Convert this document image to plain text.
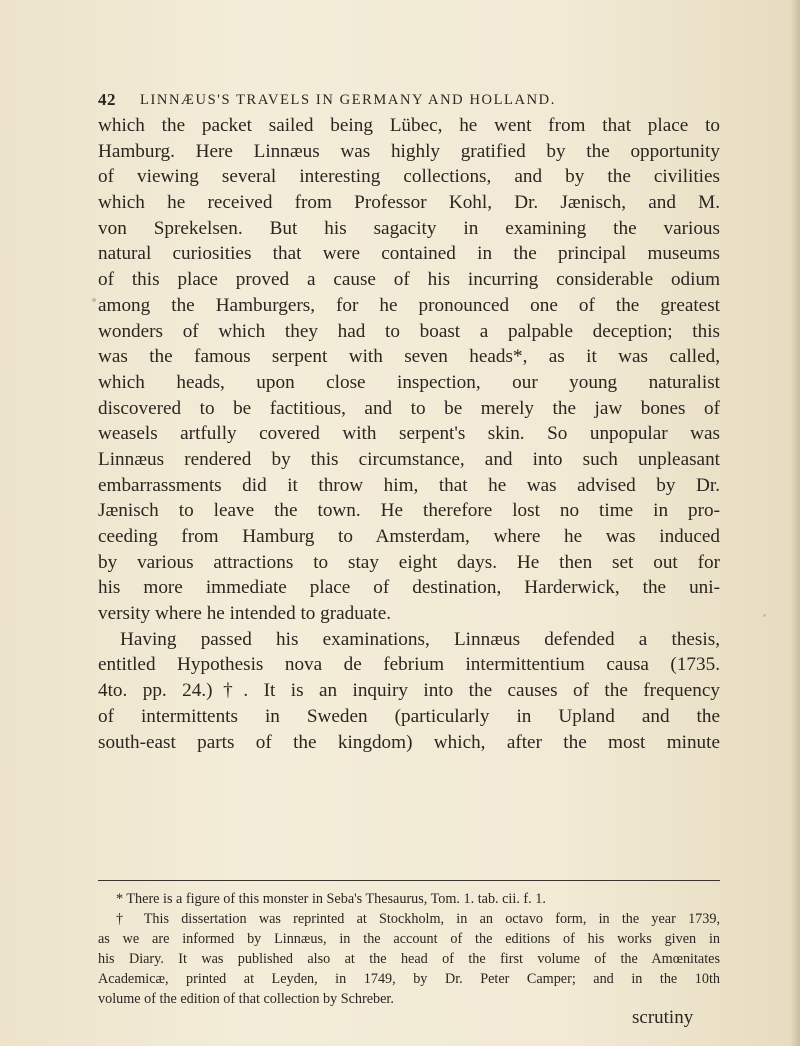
42 LINNÆUS'S TRAVELS IN GERMANY AND HOLLAND.
which the packet sailed being Lübec, he went from that place to
Hamburg. Here Linnæus was highly gratified by the opportunity
of viewing several interesting collections, and by the civilities
which he received from Professor Kohl, Dr. Jænisch, and M.
von Sprekelsen. But his sagacity in examining the various
natural curiosities that were contained in the principal museums
of this place proved a cause of his incurring considerable odium
among the Hamburgers, for he pronounced one of the greatest
wonders of which they had to boast a palpable deception; this
was the famous serpent with seven heads*, as it was called,
which heads, upon close inspection, our young naturalist
discovered to be factitious, and to be merely the jaw bones of
weasels artfully covered with serpent's skin. So unpopular was
Linnæus rendered by this circumstance, and into such unpleasant
embarrassments did it throw him, that he was advised by Dr.
Jænisch to leave the town. He therefore lost no time in pro-
ceeding from Hamburg to Amsterdam, where he was induced
by various attractions to stay eight days. He then set out for
his more immediate place of destination, Harderwick, the uni-
versity where he intended to graduate.
Having passed his examinations, Linnæus defended a thesis,
entitled Hypothesis nova de febrium intermittentium causa (1735.
4to. pp. 24.)†. It is an inquiry into the causes of the frequency
of intermittents in Sweden (particularly in Upland and the
south-east parts of the kingdom) which, after the most minute
* There is a figure of this monster in Seba's Thesaurus, Tom. 1. tab. cii. f. 1.
† This dissertation was reprinted at Stockholm, in an octavo form, in the year 1739,
as we are informed by Linnæus, in the account of the editions of his works given in
his Diary. It was published also at the head of the first volume of the Amœnitates
Academicæ, printed at Leyden, in 1749, by Dr. Peter Camper; and in the 10th
volume of the edition of that collection by Schreber.
scrutiny
